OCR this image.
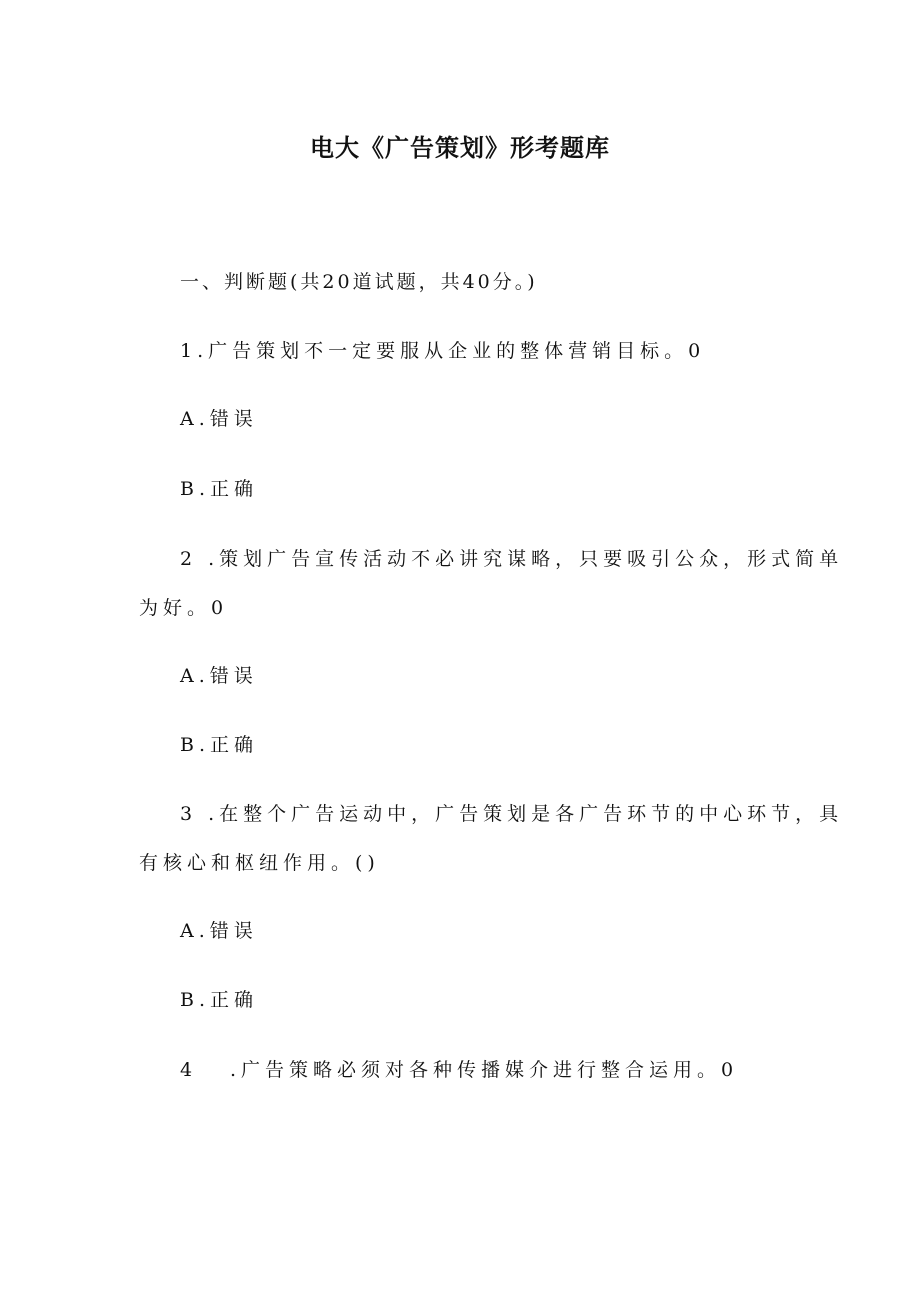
电大《广告策划》形考题库
一、判断题(共20道试题，共40分。)
1.广告策划不一定要服从企业的整体营销目标。0
A.错误
B.正确
2 .策划广告宣传活动不必讲究谋略，只要吸引公众，形式简单
为好。0
A.错误
B.正确
3 .在整个广告运动中，广告策划是各广告环节的中心环节，具
有核心和枢纽作用。()
A.错误
B.正确
4 .广告策略必须对各种传播媒介进行整合运用。0
